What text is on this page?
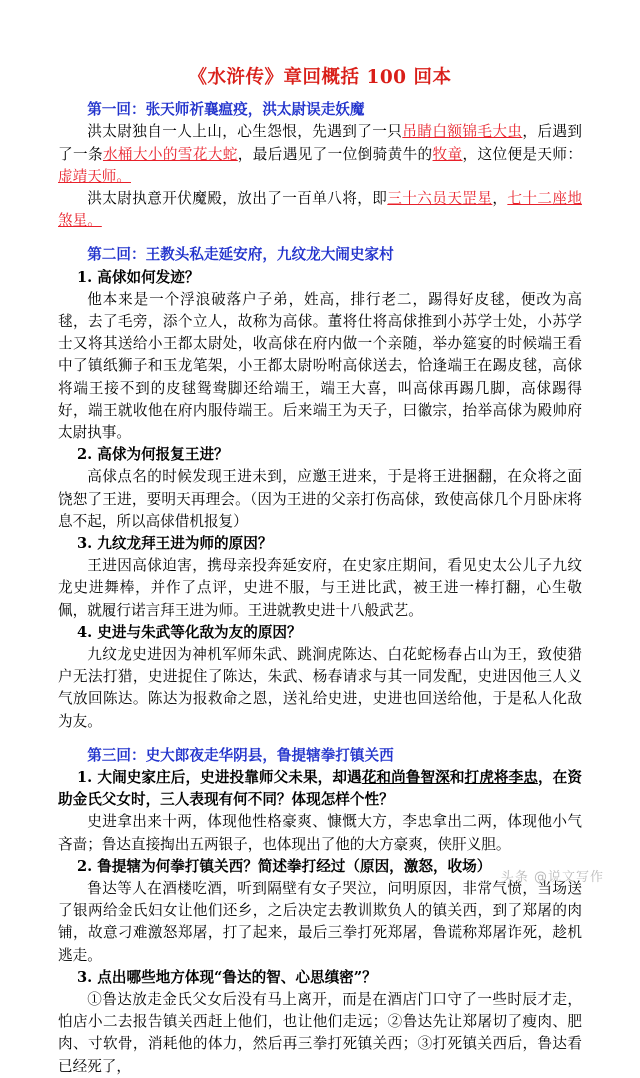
《水浒传》章回概括 100 回本

第一回：张天师祈襄瘟疫，洪太尉误走妖魔

洪太尉独自一人上山，心生怨恨，先遇到了一只吊睛白额锦毛大虫，后遇到了一条水桶大小的雪花大蛇，最后遇见了一位倒骑黄牛的牧童，这位便是天师：虚靖天师。

洪太尉执意开伏魔殿，放出了一百单八将，即三十六员天罡星，七十二座地煞星。

第二回：王教头私走延安府，九纹龙大闹史家村

1. 高俅如何发迹？

他本来是一个浮浪破落户子弟，姓高，排行老二，踢得好皮毬，便改为高毬，去了毛旁，添个立人，故称为高俅。董将仕将高俅推到小苏学士处，小苏学士又将其送给小王都太尉处，收高俅在府内做一个亲随，举办筵宴的时候端王看中了镇纸狮子和玉龙笔架，小王都太尉吩咐高俅送去，恰逢端王在踢皮毬，高俅将端王接不到的皮毬鸳鸯脚还给端王，端王大喜，叫高俅再踢几脚，高俅踢得好，端王就收他在府内服侍端王。后来端王为天子，曰徽宗，抬举高俅为殿帅府太尉执事。

2. 高俅为何报复王进？

高俅点名的时候发现王进未到，应邀王进来，于是将王进捆翻，在众将之面饶恕了王进，要明天再理会。（因为王进的父亲打伤高俅，致使高俅几个月卧床将息不起，所以高俅借机报复）

3. 九纹龙拜王进为师的原因？

王进因高俅迫害，携母亲投奔延安府，在史家庄期间，看见史太公儿子九纹龙史进舞棒，并作了点评，史进不服，与王进比武，被王进一棒打翻，心生敬佩，就履行诺言拜王进为师。王进就教史进十八般武艺。

4. 史进与朱武等化敌为友的原因？

九纹龙史进因为神机军师朱武、跳涧虎陈达、白花蛇杨春占山为王，致使猎户无法打猎，史进捉住了陈达，朱武、杨春请求与其一同发配，史进因他三人义气放回陈达。陈达为报救命之恩，送礼给史进，史进也回送给他，于是私人化敌为友。

第三回：史大郎夜走华阴县，鲁提辖拳打镇关西

1. 大闹史家庄后，史进投靠师父未果，却遇花和尚鲁智深和打虎将李忠，在资助金氏父女时，三人表现有何不同？体现怎样个性？

史进拿出来十两，体现他性格豪爽、慷慨大方，李忠拿出二两，体现他小气吝啬；鲁达直接掏出五两银子，也体现出了他的大方豪爽，侠肝义胆。

2. 鲁提辖为何拳打镇关西？简述拳打经过（原因，激怒，收场）

鲁达等人在酒楼吃酒，听到隔壁有女子哭泣，问明原因，非常气愤，当场送了银两给金氏妇女让他们还乡，之后决定去教训欺负人的镇关西，到了郑屠的肉铺，故意刁难激怒郑屠，打了起来，最后三拳打死郑屠，鲁谎称郑屠诈死，趁机逃走。

3. 点出哪些地方体现“鲁达的智、心思缜密”？

①鲁达放走金氏父女后没有马上离开，而是在酒店门口守了一些时辰才走，怕店小二去报告镇关西赶上他们，也让他们走远；②鲁达先让郑屠切了瘦肉、肥肉、寸软骨，消耗他的体力，然后再三拳打死镇关西；③打死镇关西后，鲁达看已经死了，

头条 @说文写作
